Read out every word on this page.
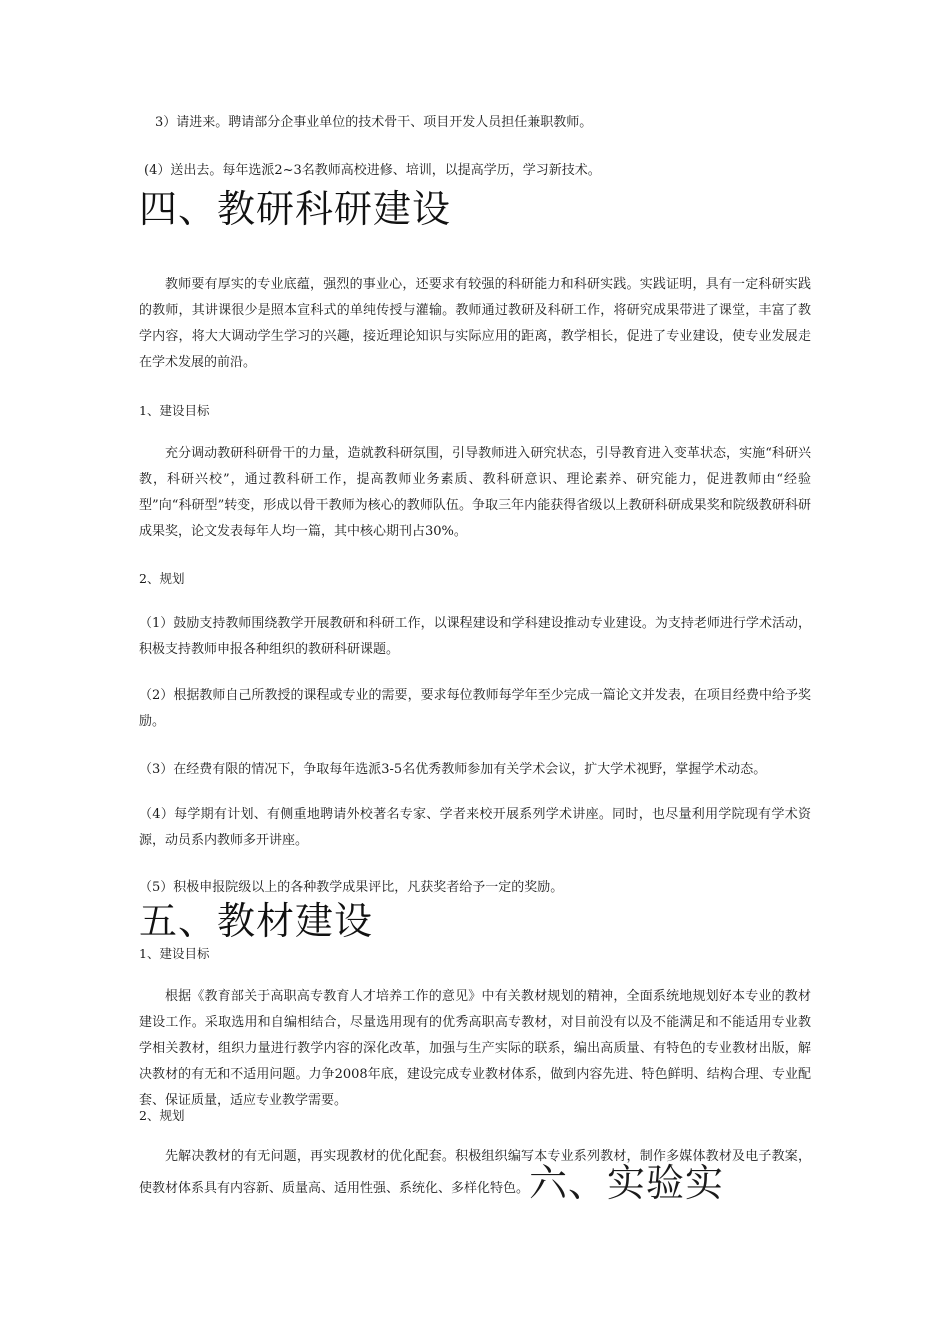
3）请进来。聘请部分企事业单位的技术骨干、项目开发人员担任兼职教师。

(4）送出去。每年选派2~3名教师高校进修、培训，以提高学历，学习新技术。

四、教研科研建设

教师要有厚实的专业底蕴，强烈的事业心，还要求有较强的科研能力和科研实践。实践证明，具有一定科研实践的教师，其讲课很少是照本宣科式的单纯传授与灌输。教师通过教研及科研工作，将研究成果带进了课堂，丰富了教学内容，将大大调动学生学习的兴趣，接近理论知识与实际应用的距离，教学相长，促进了专业建设，使专业发展走在学术发展的前沿。

1、建设目标

充分调动教研科研骨干的力量，造就教科研氛围，引导教师进入研究状态，引导教育进入变革状态，实施“科研兴教，科研兴校”，通过教科研工作，提高教师业务素质、教科研意识、理论素养、研究能力，促进教师由“经验型”向“科研型”转变，形成以骨干教师为核心的教师队伍。争取三年内能获得省级以上教研科研成果奖和院级教研科研成果奖，论文发表每年人均一篇，其中核心期刊占30%。

2、规划

（1）鼓励支持教师围绕教学开展教研和科研工作，以课程建设和学科建设推动专业建设。为支持老师进行学术活动，积极支持教师申报各种组织的教研科研课题。

（2）根据教师自己所教授的课程或专业的需要，要求每位教师每学年至少完成一篇论文并发表，在项目经费中给予奖励。

（3）在经费有限的情况下，争取每年选派3-5名优秀教师参加有关学术会议，扩大学术视野，掌握学术动态。

（4）每学期有计划、有侧重地聘请外校著名专家、学者来校开展系列学术讲座。同时，也尽量利用学院现有学术资源，动员系内教师多开讲座。

（5）积极申报院级以上的各种教学成果评比，凡获奖者给予一定的奖励。

五、教材建设

1、建设目标

根据《教育部关于高职高专教育人才培养工作的意见》中有关教材规划的精神，全面系统地规划好本专业的教材建设工作。采取选用和自编相结合，尽量选用现有的优秀高职高专教材，对目前没有以及不能满足和不能适用专业教学相关教材，组织力量进行教学内容的深化改革，加强与生产实际的联系，编出高质量、有特色的专业教材出版，解决教材的有无和不适用问题。力争2008年底，建设完成专业教材体系，做到内容先进、特色鲜明、结构合理、专业配套、保证质量，适应专业教学需要。

2、规划

先解决教材的有无问题，再实现教材的优化配套。积极组织编写本专业系列教材，制作多媒体教材及电子教案，使教材体系具有内容新、质量高、适用性强、系统化、多样化特色。六、实验实
